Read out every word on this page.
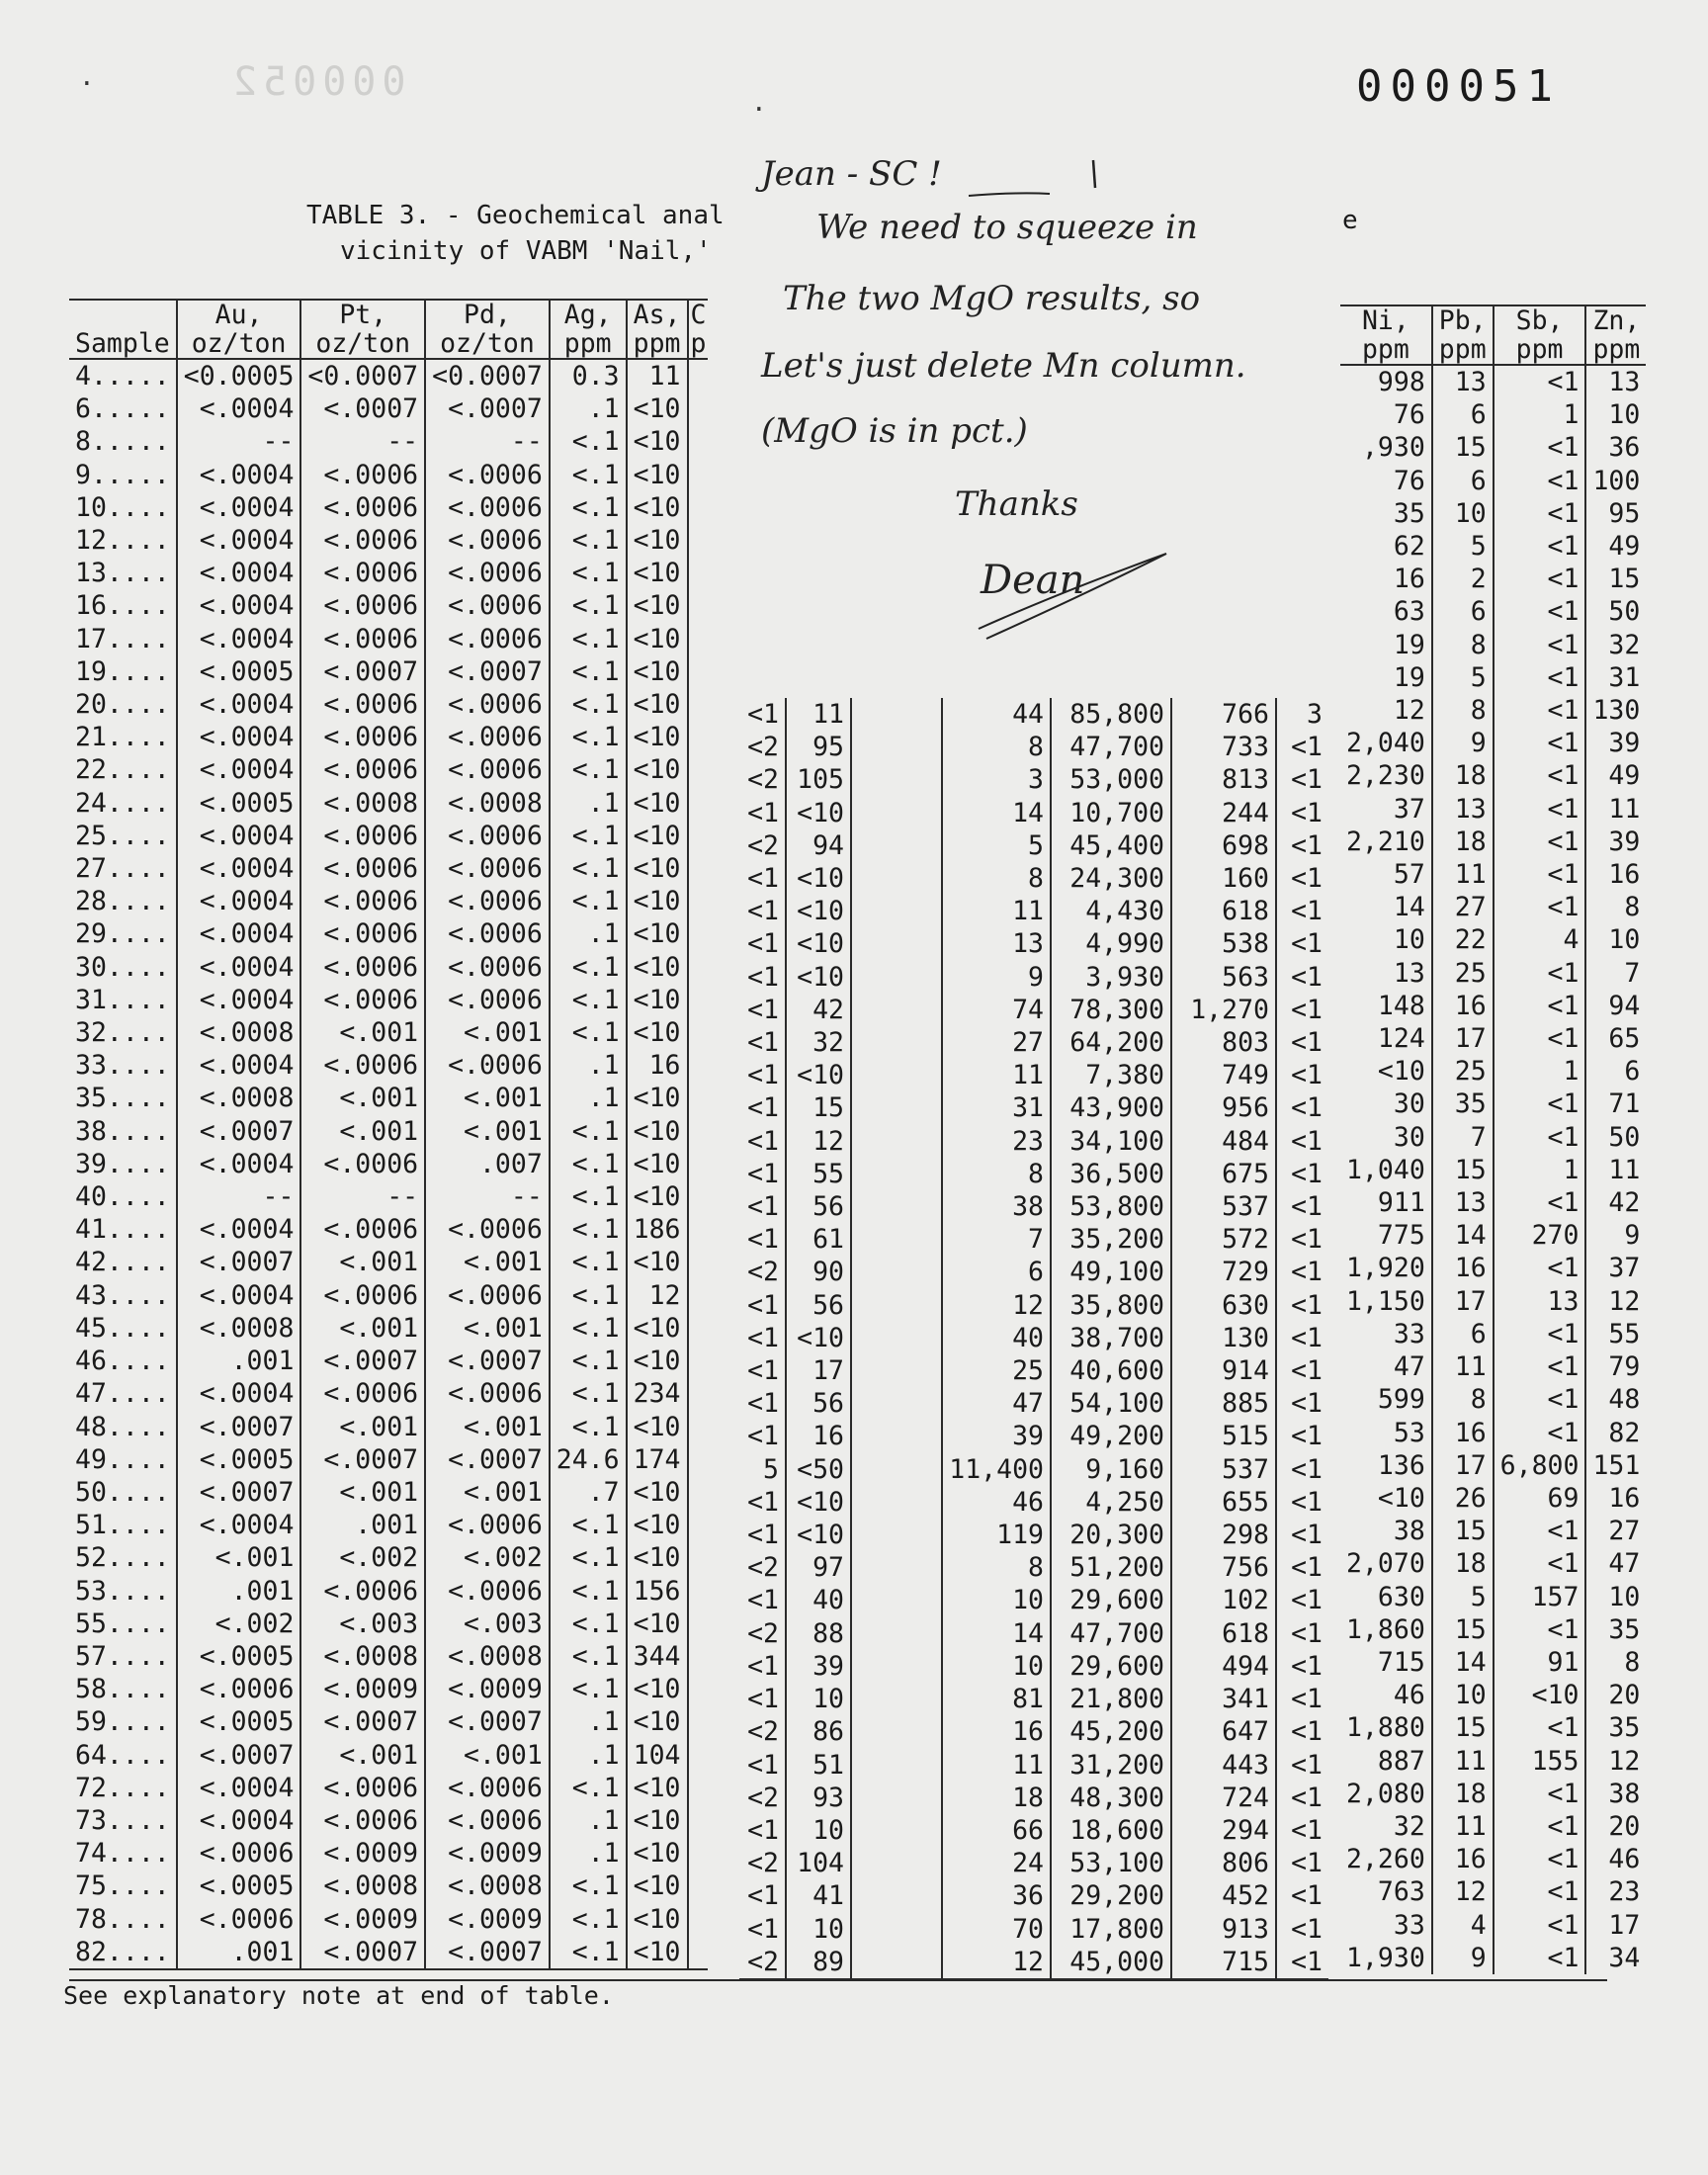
000052	000051
·
·
TABLE 3. - Geochemical anal
vicinity of VABM 'Nail,'
e
	Au,	Pt,	Pd,	Ag,	As,	C
Sample	oz/ton	oz/ton	oz/ton	ppm	ppm	p
4.....	<0.0005	<0.0007	<0.0007	0.3	11	
6.....	<.0004	<.0007	<.0007	.1	<10	
8.....	--	--	--	<.1	<10	
9.....	<.0004	<.0006	<.0006	<.1	<10	
10....	<.0004	<.0006	<.0006	<.1	<10	
12....	<.0004	<.0006	<.0006	<.1	<10	
13....	<.0004	<.0006	<.0006	<.1	<10	
16....	<.0004	<.0006	<.0006	<.1	<10	
17....	<.0004	<.0006	<.0006	<.1	<10	
19....	<.0005	<.0007	<.0007	<.1	<10	
20....	<.0004	<.0006	<.0006	<.1	<10	
21....	<.0004	<.0006	<.0006	<.1	<10	
22....	<.0004	<.0006	<.0006	<.1	<10	
24....	<.0005	<.0008	<.0008	.1	<10	
25....	<.0004	<.0006	<.0006	<.1	<10	
27....	<.0004	<.0006	<.0006	<.1	<10	
28....	<.0004	<.0006	<.0006	<.1	<10	
29....	<.0004	<.0006	<.0006	.1	<10	
30....	<.0004	<.0006	<.0006	<.1	<10	
31....	<.0004	<.0006	<.0006	<.1	<10	
32....	<.0008	<.001	<.001	<.1	<10	
33....	<.0004	<.0006	<.0006	.1	16	
35....	<.0008	<.001	<.001	.1	<10	
38....	<.0007	<.001	<.001	<.1	<10	
39....	<.0004	<.0006	.007	<.1	<10	
40....	--	--	--	<.1	<10	
41....	<.0004	<.0006	<.0006	<.1	186	
42....	<.0007	<.001	<.001	<.1	<10	
43....	<.0004	<.0006	<.0006	<.1	12	
45....	<.0008	<.001	<.001	<.1	<10	
46....	.001	<.0007	<.0007	<.1	<10	
47....	<.0004	<.0006	<.0006	<.1	234	
48....	<.0007	<.001	<.001	<.1	<10	
49....	<.0005	<.0007	<.0007	24.6	174	
50....	<.0007	<.001	<.001	.7	<10	
51....	<.0004	.001	<.0006	<.1	<10	
52....	<.001	<.002	<.002	<.1	<10	
53....	.001	<.0006	<.0006	<.1	156	
55....	<.002	<.003	<.003	<.1	<10	
57....	<.0005	<.0008	<.0008	<.1	344	
58....	<.0006	<.0009	<.0009	<.1	<10	
59....	<.0005	<.0007	<.0007	.1	<10	
64....	<.0007	<.001	<.001	.1	104	
72....	<.0004	<.0006	<.0006	<.1	<10	
73....	<.0004	<.0006	<.0006	.1	<10	
74....	<.0006	<.0009	<.0009	.1	<10	
75....	<.0005	<.0008	<.0008	<.1	<10	
78....	<.0006	<.0009	<.0009	<.1	<10	
82....	.001	<.0007	<.0007	<.1	<10	
<1	11		44	85,800	766	3
<2	95		8	47,700	733	<1
<2	105		3	53,000	813	<1
<1	<10		14	10,700	244	<1
<2	94		5	45,400	698	<1
<1	<10		8	24,300	160	<1
<1	<10		11	4,430	618	<1
<1	<10		13	4,990	538	<1
<1	<10		9	3,930	563	<1
<1	42		74	78,300	1,270	<1
<1	32		27	64,200	803	<1
<1	<10		11	7,380	749	<1
<1	15		31	43,900	956	<1
<1	12		23	34,100	484	<1
<1	55		8	36,500	675	<1
<1	56		38	53,800	537	<1
<1	61		7	35,200	572	<1
<2	90		6	49,100	729	<1
<1	56		12	35,800	630	<1
<1	<10		40	38,700	130	<1
<1	17		25	40,600	914	<1
<1	56		47	54,100	885	<1
<1	16		39	49,200	515	<1
5	<50		11,400	9,160	537	<1
<1	<10		46	4,250	655	<1
<1	<10		119	20,300	298	<1
<2	97		8	51,200	756	<1
<1	40		10	29,600	102	<1
<2	88		14	47,700	618	<1
<1	39		10	29,600	494	<1
<1	10		81	21,800	341	<1
<2	86		16	45,200	647	<1
<1	51		11	31,200	443	<1
<2	93		18	48,300	724	<1
<1	10		66	18,600	294	<1
<2	104		24	53,100	806	<1
<1	41		36	29,200	452	<1
<1	10		70	17,800	913	<1
<2	89		12	45,000	715	<1
Ni,	Pb,	Sb,	Zn,
ppm	ppm	ppm	ppm
998	13	<1	13
76	6	1	10
,930	15	<1	36
76	6	<1	100
35	10	<1	95
62	5	<1	49
16	2	<1	15
63	6	<1	50
19	8	<1	32
19	5	<1	31
12	8	<1	130
2,040	9	<1	39
2,230	18	<1	49
37	13	<1	11
2,210	18	<1	39
57	11	<1	16
14	27	<1	8
10	22	4	10
13	25	<1	7
148	16	<1	94
124	17	<1	65
<10	25	1	6
30	35	<1	71
30	7	<1	50
1,040	15	1	11
911	13	<1	42
775	14	270	9
1,920	16	<1	37
1,150	17	13	12
33	6	<1	55
47	11	<1	79
599	8	<1	48
53	16	<1	82
136	17	6,800	151
<10	26	69	16
38	15	<1	27
2,070	18	<1	47
630	5	157	10
1,860	15	<1	35
715	14	91	8
46	10	<10	20
1,880	15	<1	35
887	11	155	12
2,080	18	<1	38
32	11	<1	20
2,260	16	<1	46
763	12	<1	23
33	4	<1	17
1,930	9	<1	34
See explanatory note at end of table.
Jean - SC !
We need to squeeze in
The two MgO results, so
Let's just delete Mn column.
(MgO is in pct.)
Thanks
Dean
